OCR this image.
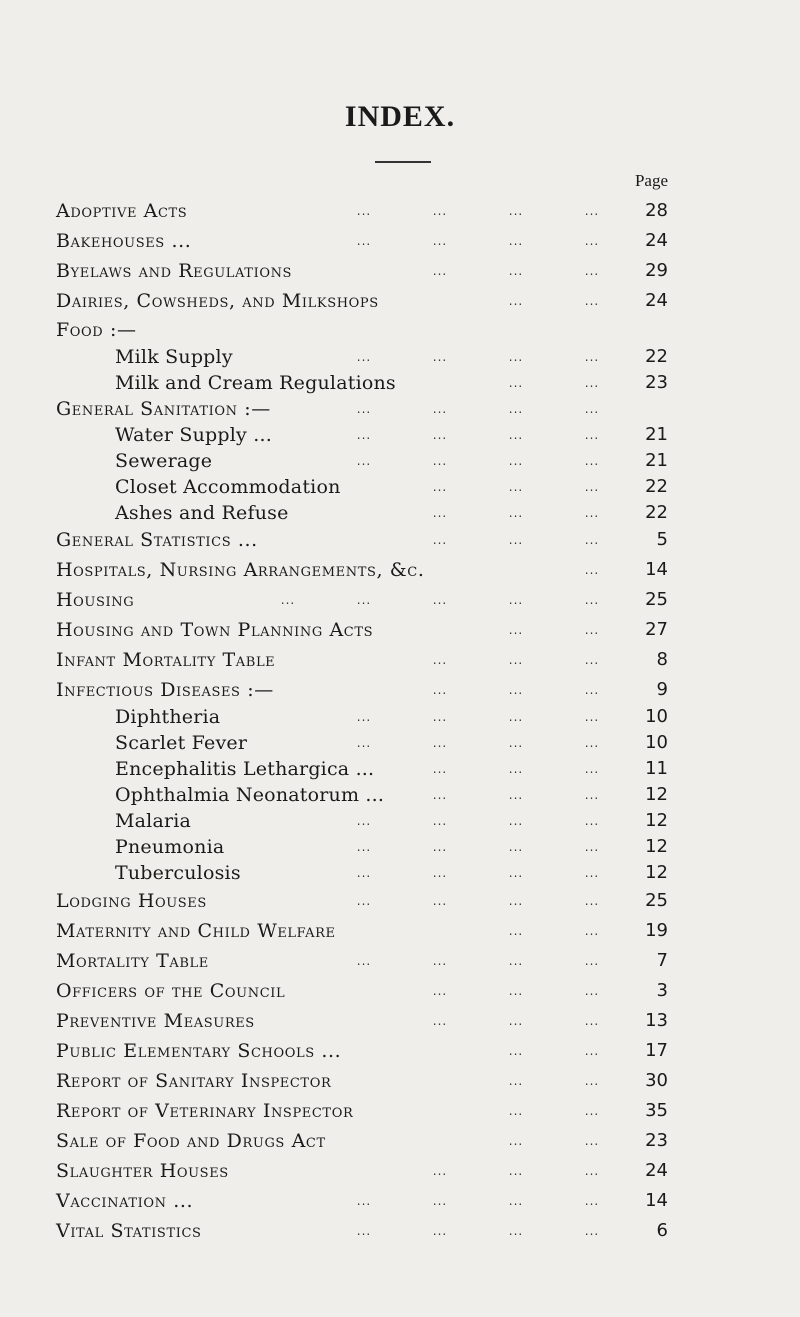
INDEX.
Page
Adoptive Acts	...	...	...	...	28
Bakehouses ...	...	...	...	...	24
Byelaws and Regulations	...	...	...	29
Dairies, Cowsheds, and Milkshops	...	...	24
Food :—
Milk Supply	...	...	...	...	22
Milk and Cream Regulations	...	...	23
General Sanitation :—	...	...	...	...
Water Supply ...	...	...	...	...	21
Sewerage	...	...	...	...	21
Closet Accommodation	...	...	...	22
Ashes and Refuse	...	...	...	22
General Statistics ...	...	...	...	5
Hospitals, Nursing Arrangements, &c.	...	14
Housing	...	...	...	...	...	25
Housing and Town Planning Acts	...	...	27
Infant Mortality Table	...	...	...	8
Infectious Diseases :—	...	...	...	9
Diphtheria	...	...	...	...	10
Scarlet Fever	...	...	...	...	10
Encephalitis Lethargica ...	...	...	...	11
Ophthalmia Neonatorum ...	...	...	...	12
Malaria	...	...	...	...	12
Pneumonia	...	...	...	...	12
Tuberculosis	...	...	...	...	12
Lodging Houses	...	...	...	...	25
Maternity and Child Welfare	...	...	19
Mortality Table	...	...	...	...	7
Officers of the Council	...	...	...	3
Preventive Measures	...	...	...	13
Public Elementary Schools ...	...	...	17
Report of Sanitary Inspector	...	...	30
Report of Veterinary Inspector	...	...	35
Sale of Food and Drugs Act	...	...	23
Slaughter Houses	...	...	...	24
Vaccination ...	...	...	...	...	14
Vital Statistics	...	...	...	...	6
